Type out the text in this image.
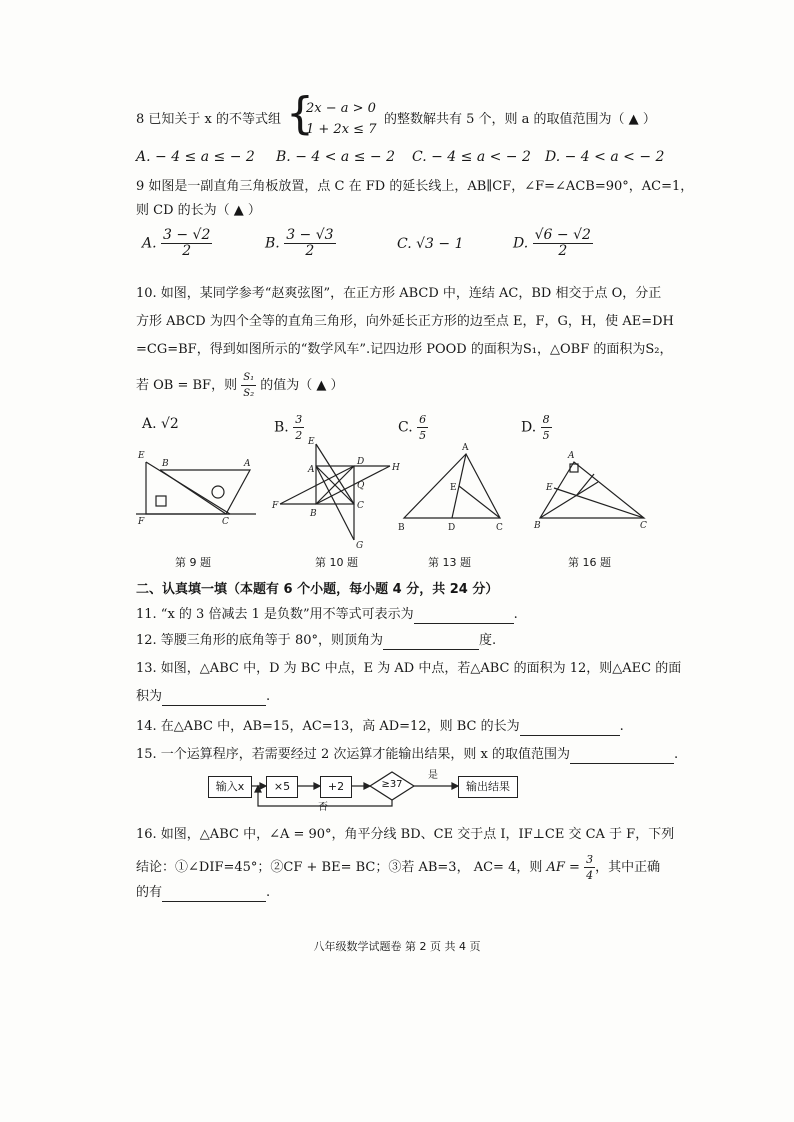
8 已知关于 x 的不等式组 {
2x − a > 0
1 + 2x ≤ 7
的整数解共有 5 个，则 a 的取值范围为（ ▲ ）
A. − 4 ≤ a ≤ − 2 B. − 4 < a ≤ − 2 C. − 4 ≤ a < − 2 D. − 4 < a < − 2
9 如图是一副直角三角板放置，点 C 在 FD 的延长线上，AB∥CF，∠F=∠ACB=90°，AC=1，
则 CD 的长为（ ▲ ）
A. $\frac{3 - √2}{2}$	B. $\frac{3 - √3}{2}$	C. √3 − 1	D. $\frac{√6 - √2}{2}$
10. 如图，某同学参考“赵爽弦图”，在正方形 ABCD 中，连结 AC，BD 相交于点 O，分正
方形 ABCD 为四个全等的直角三角形，向外延长正方形的边至点 E，F，G，H，使 AE=DH
=CG=BF，得到如图所示的“数学风车”.记四边形 POOD 的面积为S₁，△OBF 的面积为S₂，
若 OB = BF，则 $\frac{\text{S₁}}{\text{S₂}}$ 的值为（ ▲ ）
A. √2	B. $\frac{3}{2}$	C. $\frac{6}{5}$	D. $\frac{8}{5}$
E
B	A
F	C
E
A
D
H
Q
C
B
F
G
A
B	D	C
E
A
E
B	C
第 9 题	第 10 题	第 13 题	第 16 题
二、认真填一填（本题有 6 个小题，每小题 4 分，共 24 分）
11. “x 的 3 倍减去 1 是负数”用不等式可表示为	.
12. 等腰三角形的底角等于 80°，则顶角为	度.
13. 如图，△ABC 中，D 为 BC 中点，E 为 AD 中点，若△ABC 的面积为 12，则△AEC 的面
积为	.
14. 在△ABC 中，AB=15，AC=13，高 AD=12，则 BC 的长为	.
15. 一个运算程序，若需要经过 2 次运算才能输出结果，则 x 的取值范围为	.
输入x	×5	+2	≥37
是
否
输出结果
16. 如图，△ABC 中，∠A = 90°，角平分线 BD、CE 交于点 I，IF⊥CE 交 CA 于 F，下列
结论：①∠DIF=45°；②CF + BE= BC；③若 AB=3， AC= 4，则 AF = $\frac{3}{4}$ ，其中正确
的有	.
八年级数学试题卷 第 2 页 共 4 页
